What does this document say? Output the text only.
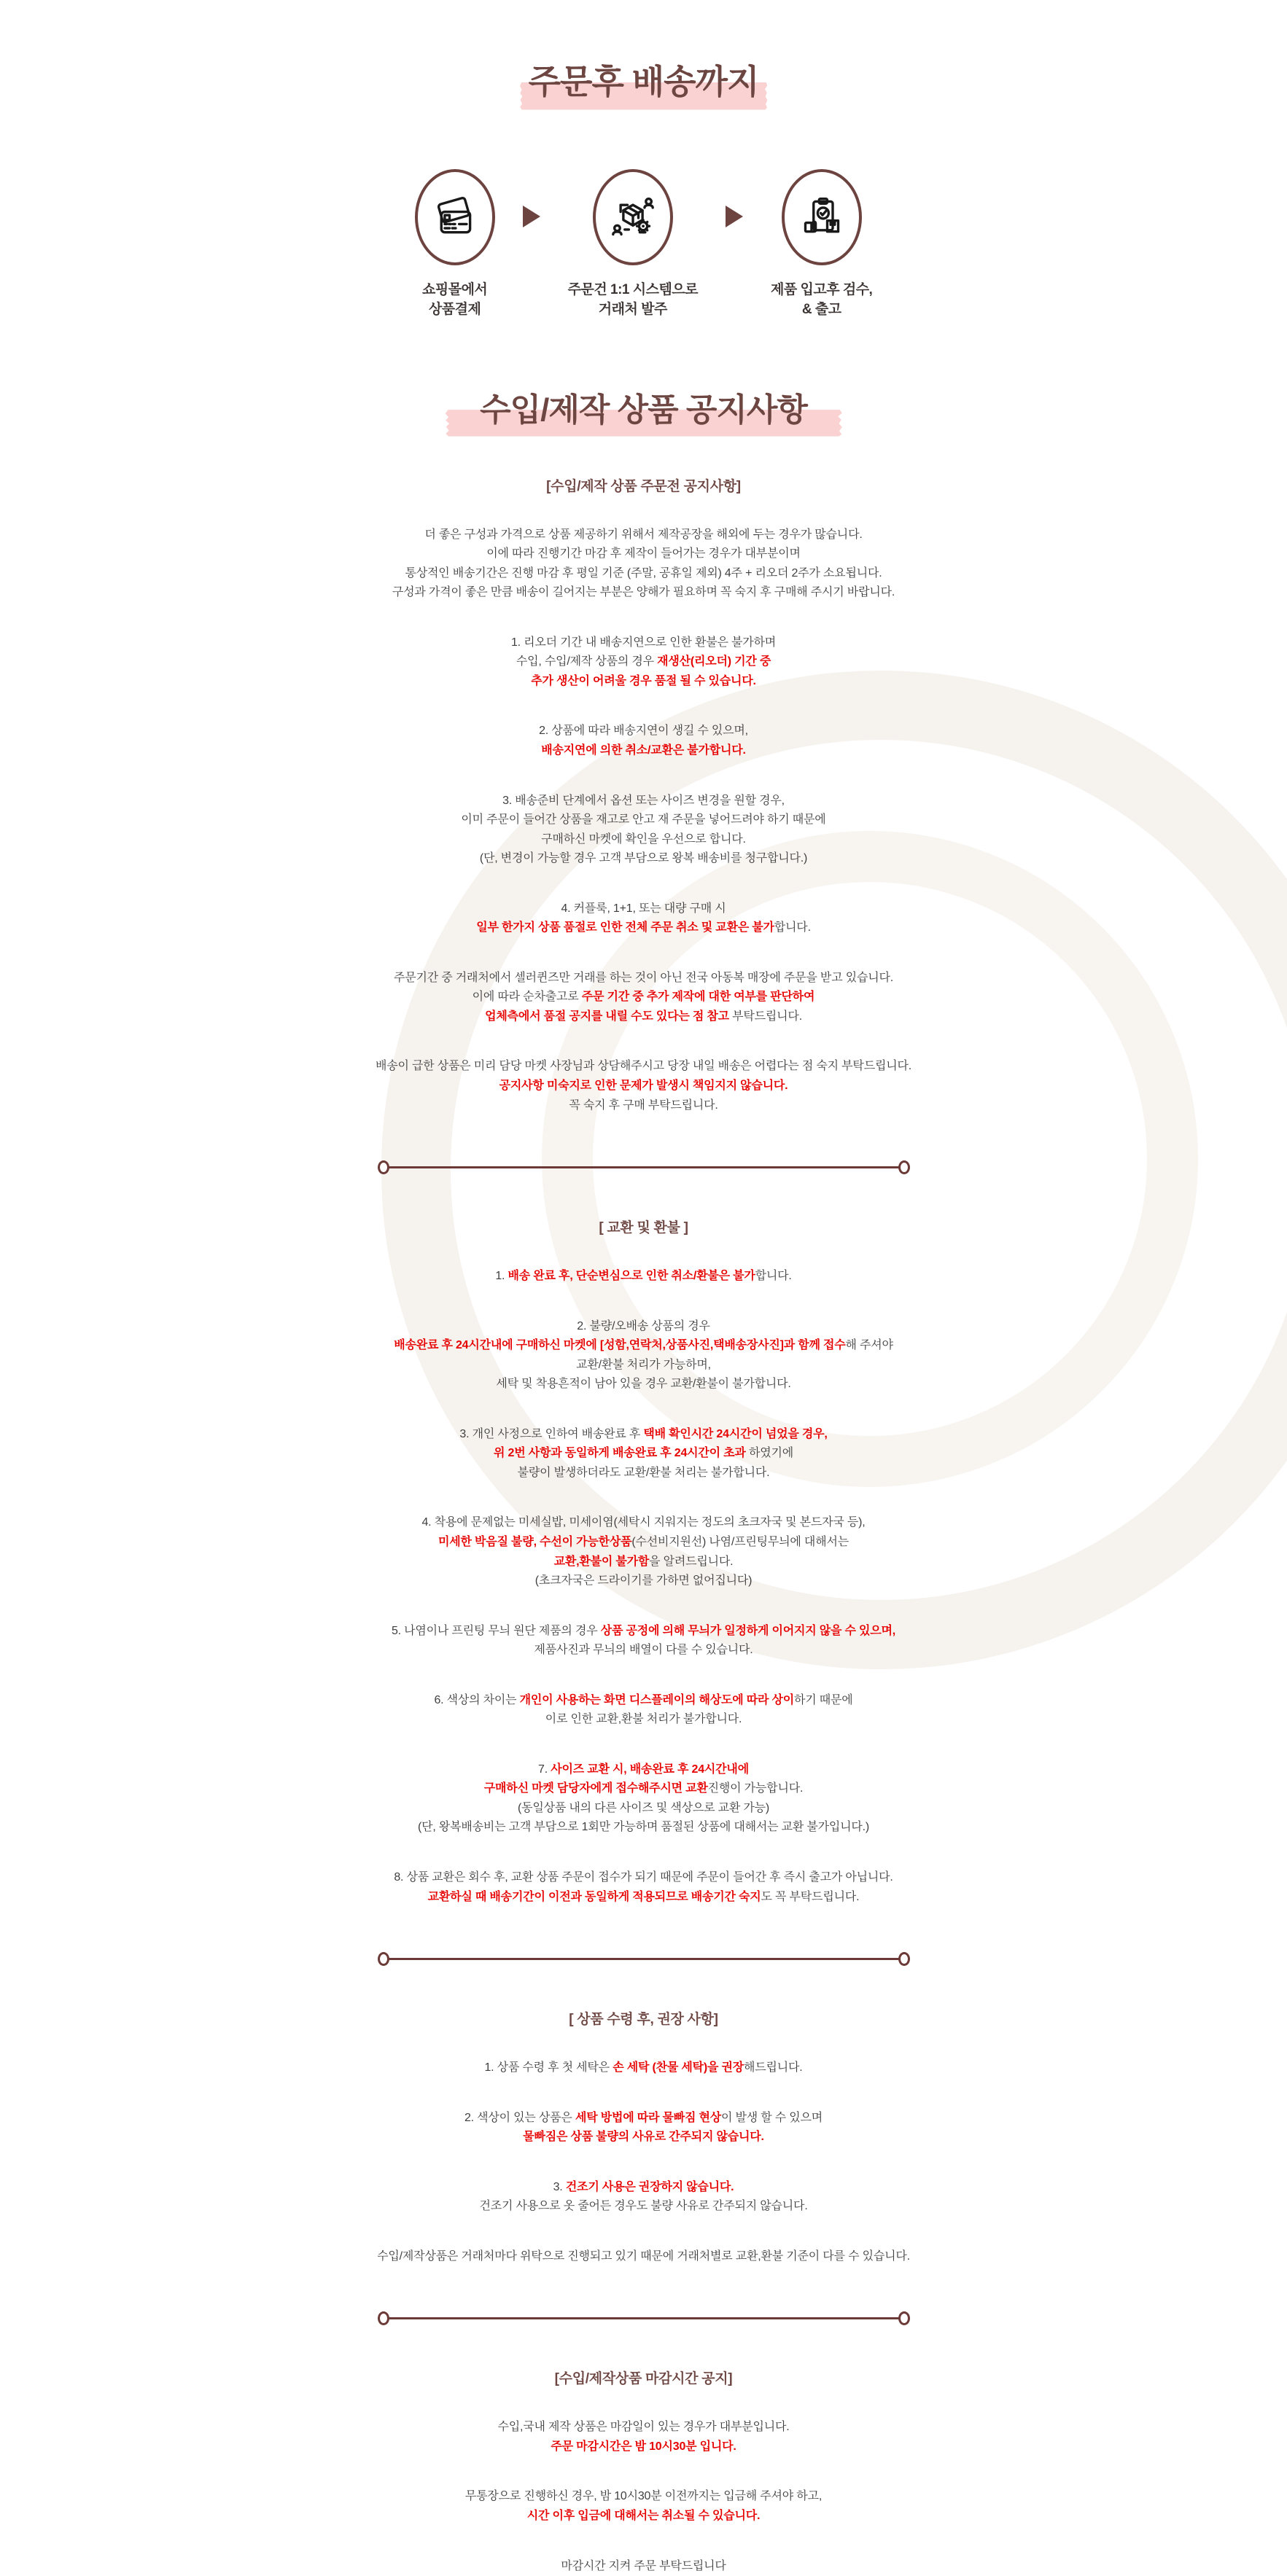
주문후 배송까지
쇼핑몰에서
상품결제
주문건 1:1 시스템으로
거래처 발주
제품 입고후 검수,
& 출고
수입/제작 상품 공지사항
[수입/제작 상품 주문전 공지사항]
더 좋은 구성과 가격으로 상품 제공하기 위해서 제작공장을 해외에 두는 경우가 많습니다.
이에 따라 진행기간 마감 후 제작이 들어가는 경우가 대부분이며
통상적인 배송기간은 진행 마감 후 평일 기준 (주말, 공휴일 제외) 4주 + 리오더 2주가 소요됩니다.
구성과 가격이 좋은 만큼 배송이 길어지는 부분은 양해가 필요하며 꼭 숙지 후 구매해 주시기 바랍니다.
1. 리오더 기간 내 배송지연으로 인한 환불은 불가하며
수입, 수입/제작 상품의 경우 재생산(리오더) 기간 중
추가 생산이 어려울 경우 품절 될 수 있습니다.
2. 상품에 따라 배송지연이 생길 수 있으며,
배송지연에 의한 취소/교환은 불가합니다.
3. 배송준비 단계에서 옵션 또는 사이즈 변경을 원할 경우,
이미 주문이 들어간 상품을 재고로 안고 재 주문을 넣어드려야 하기 때문에
구매하신 마켓에 확인을 우선으로 합니다.
(단, 변경이 가능할 경우 고객 부담으로 왕복 배송비를 청구합니다.)
4. 커플룩, 1+1, 또는 대량 구매 시
일부 한가지 상품 품절로 인한 전체 주문 취소 및 교환은 불가합니다.
주문기간 중 거래처에서 셀러퀸즈만 거래를 하는 것이 아닌 전국 아동복 매장에 주문을 받고 있습니다.
이에 따라 순차출고로 주문 기간 중 추가 제작에 대한 여부를 판단하여
업체측에서 품절 공지를 내릴 수도 있다는 점 참고 부탁드립니다.
배송이 급한 상품은 미리 담당 마켓 사장님과 상담해주시고 당장 내일 배송은 어렵다는 점 숙지 부탁드립니다.
공지사항 미숙지로 인한 문제가 발생시 책임지지 않습니다.
꼭 숙지 후 구매 부탁드립니다.
[ 교환 및 환불 ]
1. 배송 완료 후, 단순변심으로 인한 취소/환불은 불가합니다.
2. 불량/오배송 상품의 경우
배송완료 후 24시간내에 구매하신 마켓에 [성함,연락처,상품사진,택배송장사진]과 함께 접수해 주셔야
교환/환불 처리가 가능하며,
세탁 및 착용흔적이 남아 있을 경우 교환/환불이 불가합니다.
3. 개인 사정으로 인하여 배송완료 후 택배 확인시간 24시간이 넘었을 경우,
위 2번 사항과 동일하게 배송완료 후 24시간이 초과 하였기에
불량이 발생하더라도 교환/환불 처리는 불가합니다.
4. 착용에 문제없는 미세실밥, 미세이염(세탁시 지워지는 정도의 초크자국 및 본드자국 등),
미세한 박음질 불량, 수선이 가능한상품(수선비지원선) 나염/프린팅무늬에 대해서는
교환,환불이 불가함을 알려드립니다.
(초크자국은 드라이기를 가하면 없어집니다)
5. 나염이나 프린팅 무늬 원단 제품의 경우 상품 공정에 의해 무늬가 일정하게 이어지지 않을 수 있으며,
제품사진과 무늬의 배열이 다를 수 있습니다.
6. 색상의 차이는 개인이 사용하는 화면 디스플레이의 해상도에 따라 상이하기 때문에
이로 인한 교환,환불 처리가 불가합니다.
7. 사이즈 교환 시, 배송완료 후 24시간내에
구매하신 마켓 담당자에게 접수해주시면 교환진행이 가능합니다.
(동일상품 내의 다른 사이즈 및 색상으로 교환 가능)
(단, 왕복배송비는 고객 부담으로 1회만 가능하며 품절된 상품에 대해서는 교환 불가입니다.)
8. 상품 교환은 회수 후, 교환 상품 주문이 접수가 되기 때문에 주문이 들어간 후 즉시 출고가 아닙니다.
교환하실 때 배송기간이 이전과 동일하게 적용되므로 배송기간 숙지도 꼭 부탁드립니다.
[ 상품 수령 후, 권장 사항]
1. 상품 수령 후 첫 세탁은 손 세탁 (찬물 세탁)을 권장해드립니다.
2. 색상이 있는 상품은 세탁 방법에 따라 물빠짐 현상이 발생 할 수 있으며
물빠짐은 상품 불량의 사유로 간주되지 않습니다.
3. 건조기 사용은 권장하지 않습니다.
건조기 사용으로 옷 줄어든 경우도 불량 사유로 간주되지 않습니다.
수입/제작상품은 거래처마다 위탁으로 진행되고 있기 때문에 거래처별로 교환,환불 기준이 다를 수 있습니다.
[수입/제작상품 마감시간 공지]
수입,국내 제작 상품은 마감일이 있는 경우가 대부분입니다.
주문 마감시간은 밤 10시30분 입니다.
무통장으로 진행하신 경우, 밤 10시30분 이전까지는 입금해 주셔야 하고,
시간 이후 입금에 대해서는 취소될 수 있습니다.
마감시간 지켜 주문 부탁드립니다
